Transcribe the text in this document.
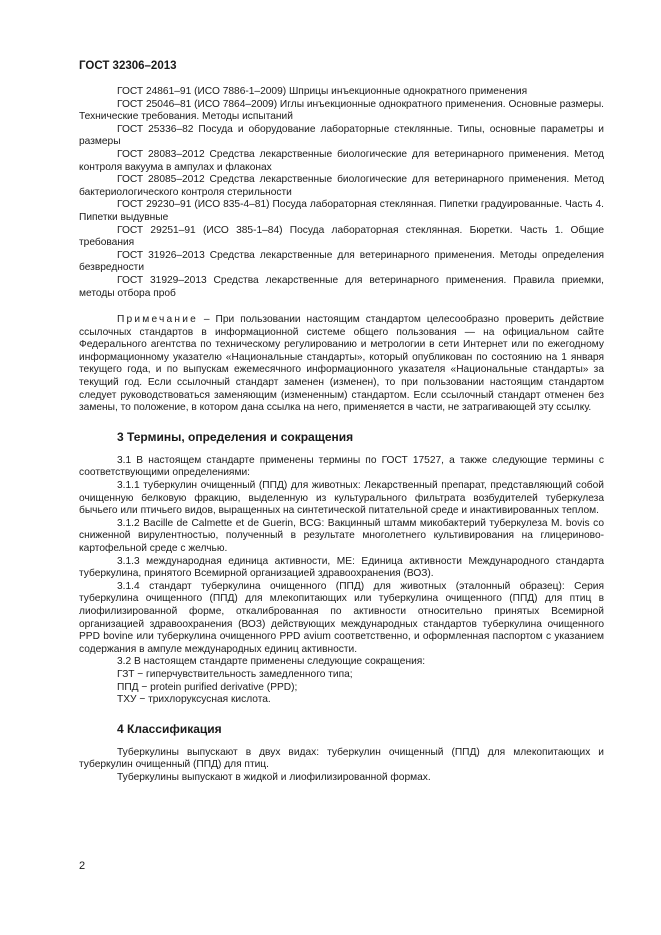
ГОСТ 32306–2013

ГОСТ 24861–91 (ИСО 7886-1–2009) Шприцы инъекционные однократного применения

ГОСТ 25046–81 (ИСО 7864–2009) Иглы инъекционные однократного применения. Основные размеры. Технические требования. Методы испытаний

ГОСТ 25336–82 Посуда и оборудование лабораторные стеклянные. Типы, основные параметры и размеры

ГОСТ 28083–2012 Средства лекарственные биологические для ветеринарного применения. Метод контроля вакуума в ампулах и флаконах

ГОСТ 28085–2012 Средства лекарственные биологические для ветеринарного применения. Метод бактериологического контроля стерильности

ГОСТ 29230–91 (ИСО 835-4–81) Посуда лабораторная стеклянная. Пипетки градуированные. Часть 4. Пипетки выдувные

ГОСТ 29251–91 (ИСО 385-1–84) Посуда лабораторная стеклянная. Бюретки. Часть 1. Общие требования

ГОСТ 31926–2013 Средства лекарственные для ветеринарного применения. Методы определения безвредности

ГОСТ 31929–2013 Средства лекарственные для ветеринарного применения. Правила приемки, методы отбора проб

Примечание – При пользовании настоящим стандартом целесообразно проверить действие ссылочных стандартов в информационной системе общего пользования — на официальном сайте Федерального агентства по техническому регулированию и метрологии в сети Интернет или по ежегодному информационному указателю «Национальные стандарты», который опубликован по состоянию на 1 января текущего года, и по выпускам ежемесячного информационного указателя «Национальные стандарты» за текущий год. Если ссылочный стандарт заменен (изменен), то при пользовании настоящим стандартом следует руководствоваться заменяющим (измененным) стандартом. Если ссылочный стандарт отменен без замены, то положение, в котором дана ссылка на него, применяется в части, не затрагивающей эту ссылку.

3 Термины, определения и сокращения

3.1 В настоящем стандарте применены термины по ГОСТ 17527, а также следующие термины с соответствующими определениями:

3.1.1 туберкулин очищенный (ППД) для животных: Лекарственный препарат, представляющий собой очищенную белковую фракцию, выделенную из культурального фильтрата возбудителей туберкулеза бычьего или птичьего видов, выращенных на синтетической питательной среде и инактивированных теплом.

3.1.2 Bacille de Calmette et de Guerin, BCG: Вакцинный штамм микобактерий туберкулеза M. bovis со сниженной вирулентностью, полученный в результате многолетнего культивирования на глицериново-картофельной среде с желчью.

3.1.3 международная единица активности, МЕ: Единица активности Международного стандарта туберкулина, принятого Всемирной организацией здравоохранения (ВОЗ).

3.1.4 стандарт туберкулина очищенного (ППД) для животных (эталонный образец): Серия туберкулина очищенного (ППД) для млекопитающих или туберкулина очищенного (ППД) для птиц в лиофилизированной форме, откалиброванная по активности относительно принятых Всемирной организацией здравоохранения (ВОЗ) действующих международных стандартов туберкулина очищенного PPD bovine или туберкулина очищенного PPD avium соответственно, и оформленная паспортом с указанием содержания в ампуле международных единиц активности.

3.2 В настоящем стандарте применены следующие сокращения:

ГЗТ − гиперчувствительность замедленного типа;

ППД − protein purified derivative (PPD);

ТХУ − трихлоруксусная кислота.

4 Классификация

Туберкулины выпускают в двух видах: туберкулин очищенный (ППД) для млекопитающих и туберкулин очищенный (ППД) для птиц.

Туберкулины выпускают в жидкой и лиофилизированной формах.

2
